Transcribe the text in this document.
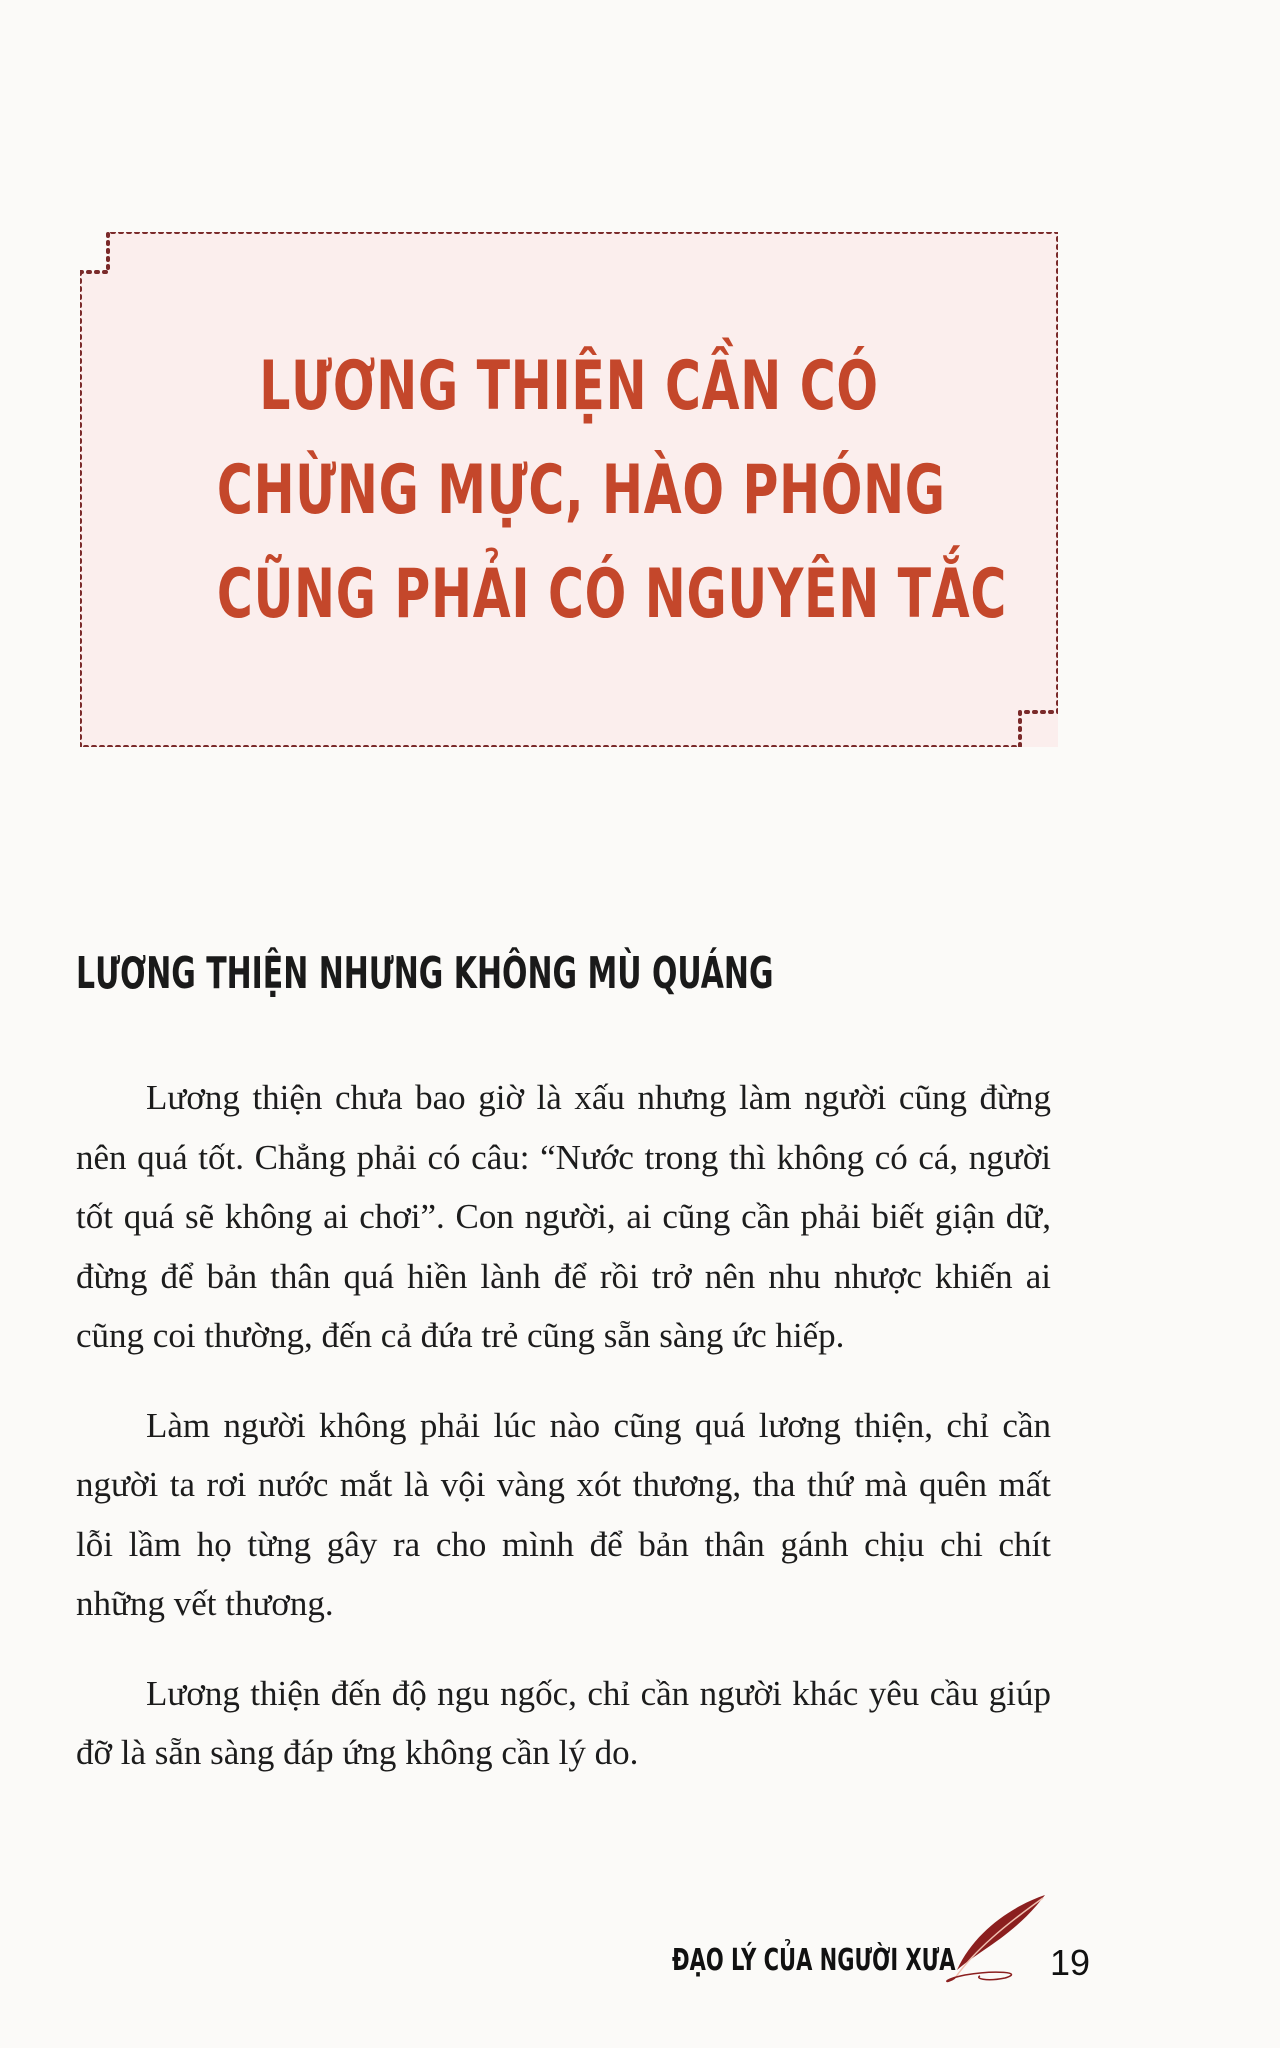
LƯƠNG THIỆN CẦN CÓ
CHỪNG MỰC, HÀO PHÓNG
CŨNG PHẢI CÓ NGUYÊN TẮC
LƯƠNG THIỆN NHƯNG KHÔNG MÙ QUÁNG

Lương thiện chưa bao giờ là xấu nhưng làm người cũng đừng nên quá tốt. Chẳng phải có câu: “Nước trong thì không có cá, người tốt quá sẽ không ai chơi”. Con người, ai cũng cần phải biết giận dữ, đừng để bản thân quá hiền lành để rồi trở nên nhu nhược khiến ai cũng coi thường, đến cả đứa trẻ cũng sẵn sàng ức hiếp.

Làm người không phải lúc nào cũng quá lương thiện, chỉ cần người ta rơi nước mắt là vội vàng xót thương, tha thứ mà quên mất lỗi lầm họ từng gây ra cho mình để bản thân gánh chịu chi chít những vết thương.

Lương thiện đến độ ngu ngốc, chỉ cần người khác yêu cầu giúp đỡ là sẵn sàng đáp ứng không cần lý do.

ĐẠO LÝ CỦA NGƯỜI XƯA	19
